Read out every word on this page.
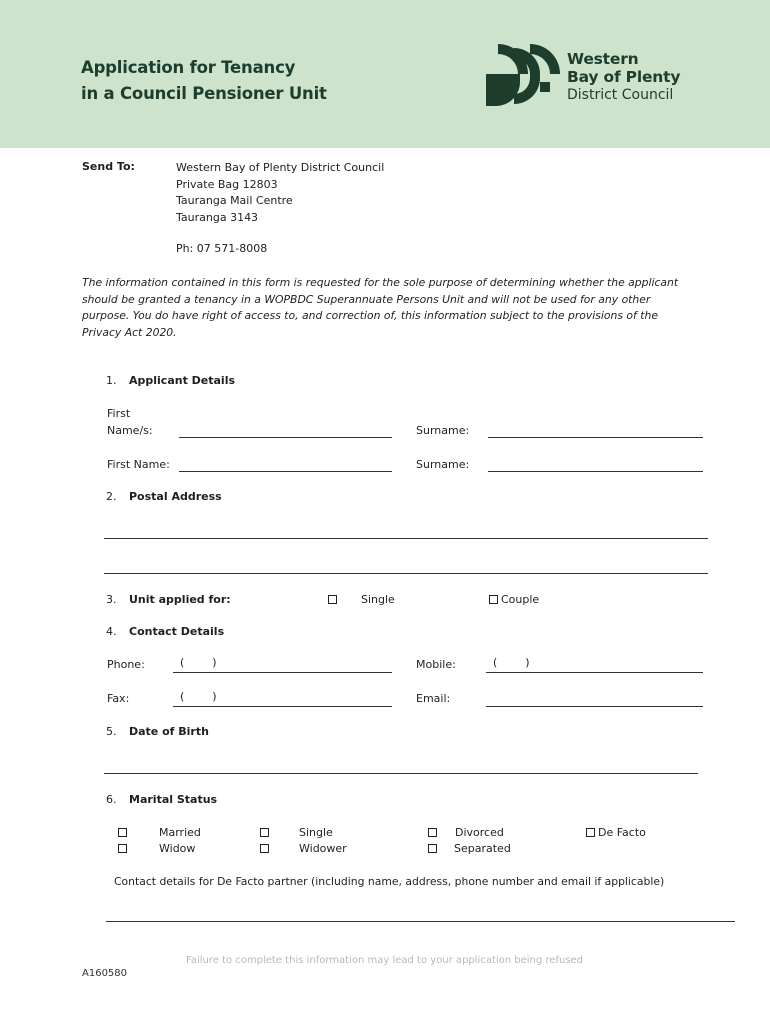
Application for Tenancy
in a Council Pensioner Unit
Western
Bay of Plenty
District Council
Send To:	Western Bay of Plenty District Council
Private Bag 12803
Tauranga Mail Centre
Tauranga 3143
Ph: 07 571-8008
The information contained in this form is requested for the sole purpose of determining whether the applicant should be granted a tenancy in a WOPBDC Superannuate Persons Unit and will not be used for any other purpose. You do have right of access to, and correction of, this information subject to the provisions of the Privacy Act 2020.
1. Applicant Details
First
Name/s:	Surname:
First Name:	Surname:
2. Postal Address
3. Unit applied for:	Single	Couple
4. Contact Details
Phone:	(        )	Mobile:	(        )
Fax:	(        )	Email:
5. Date of Birth
6. Marital Status
Married	Single	Divorced	De Facto
Widow	Widower	Separated
Contact details for De Facto partner (including name, address, phone number and email if applicable)
Failure to complete this information may lead to your application being refused
A160580
